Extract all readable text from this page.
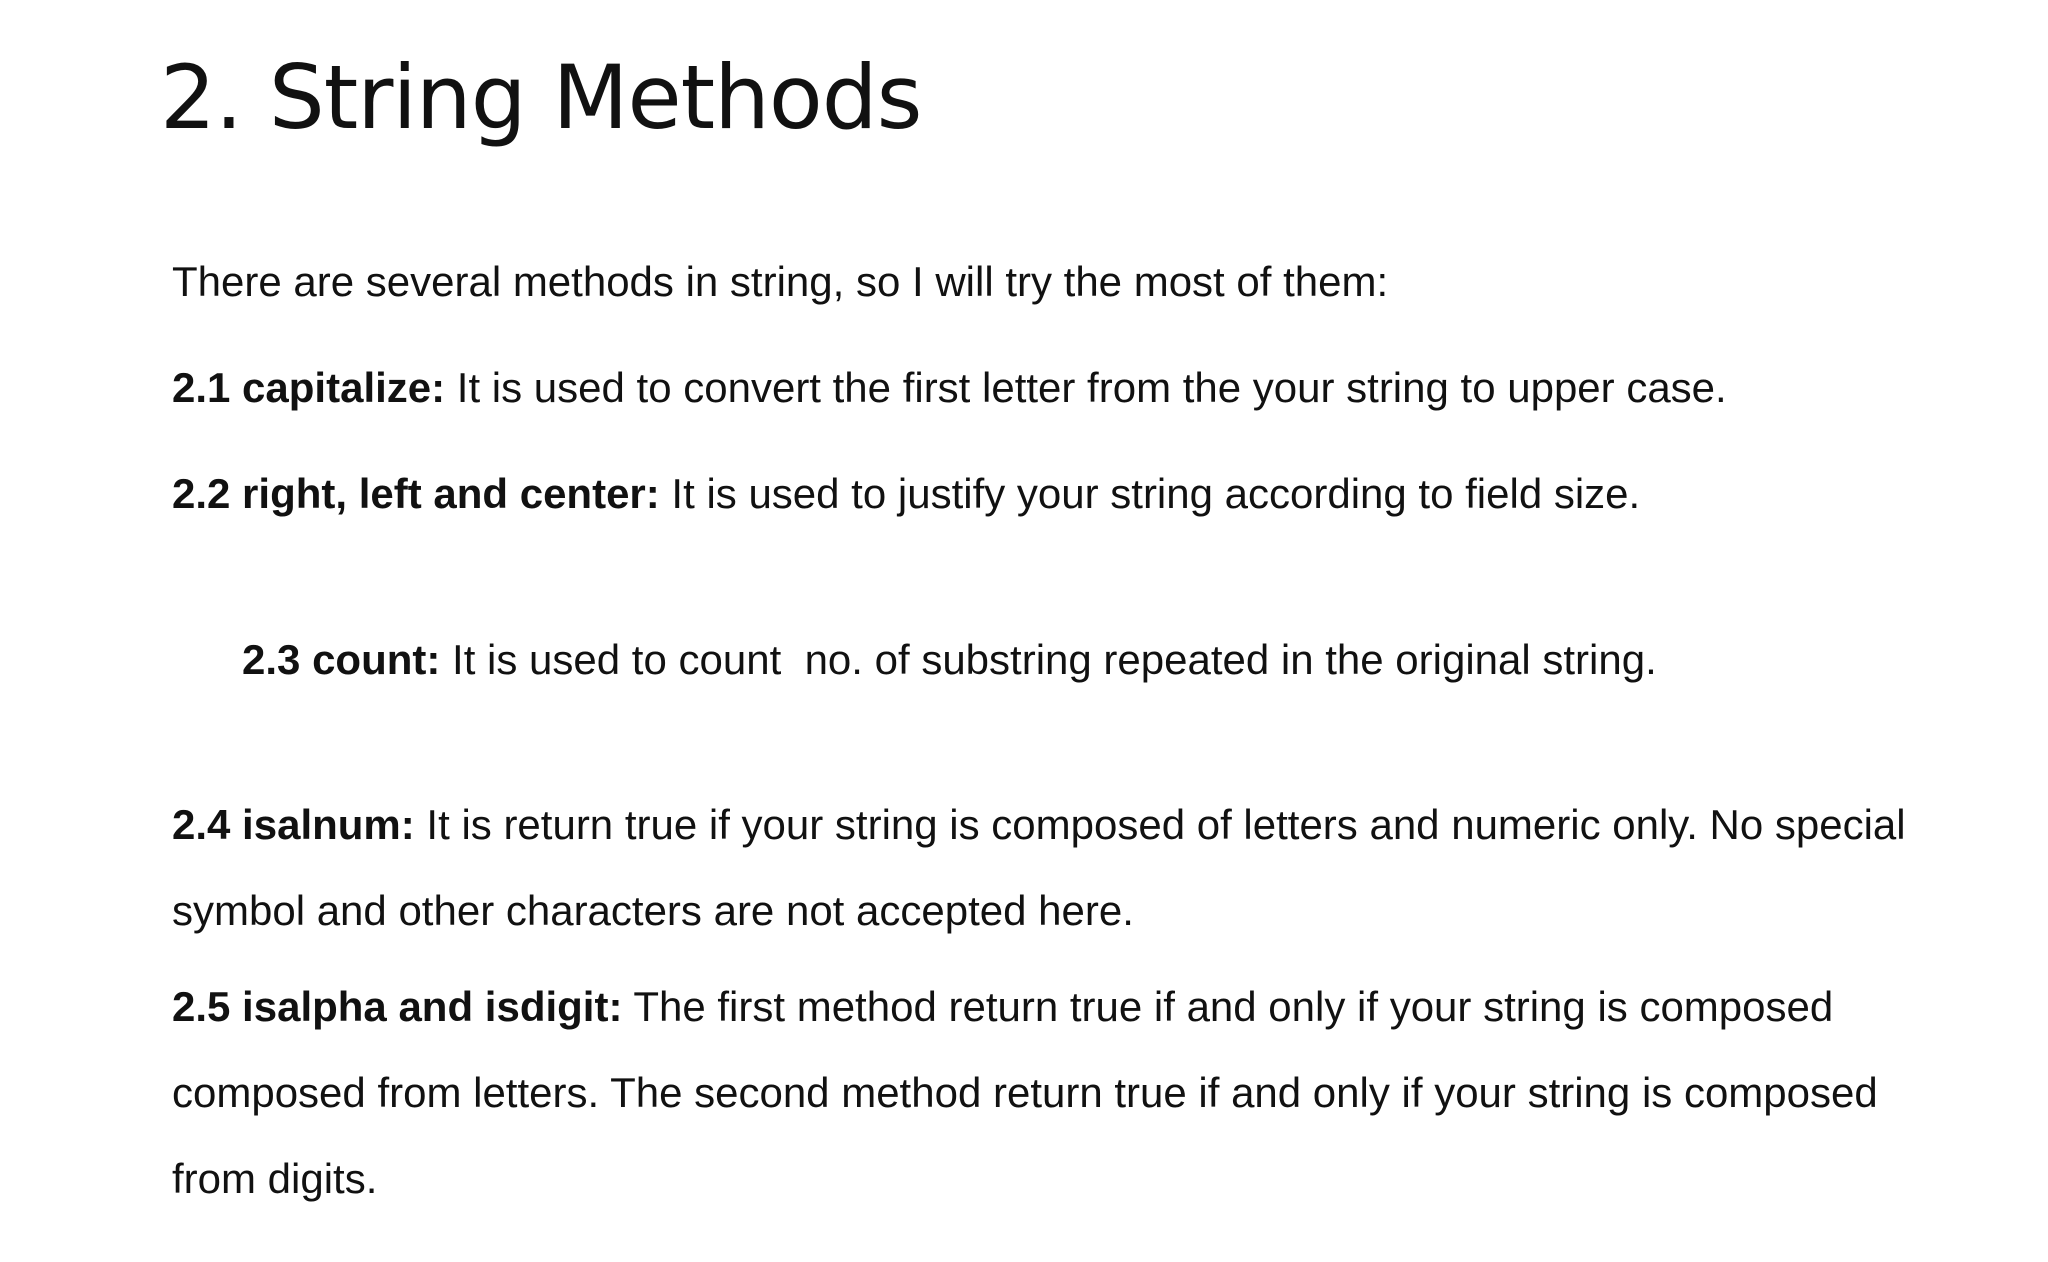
2. String Methods

There are several methods in string, so I will try the most of them:

2.1 capitalize: It is used to convert the first letter from the your string to upper case.

2.2 right, left and center: It is used to justify your string according to field size.

2.3 count: It is used to count  no. of substring repeated in the original string.

2.4 isalnum: It is return true if your string is composed of letters and numeric only. No special symbol and other characters are not accepted here.

2.5 isalpha and isdigit: The first method return true if and only if your string is composed composed from letters. The second method return true if and only if your string is composed from digits.
